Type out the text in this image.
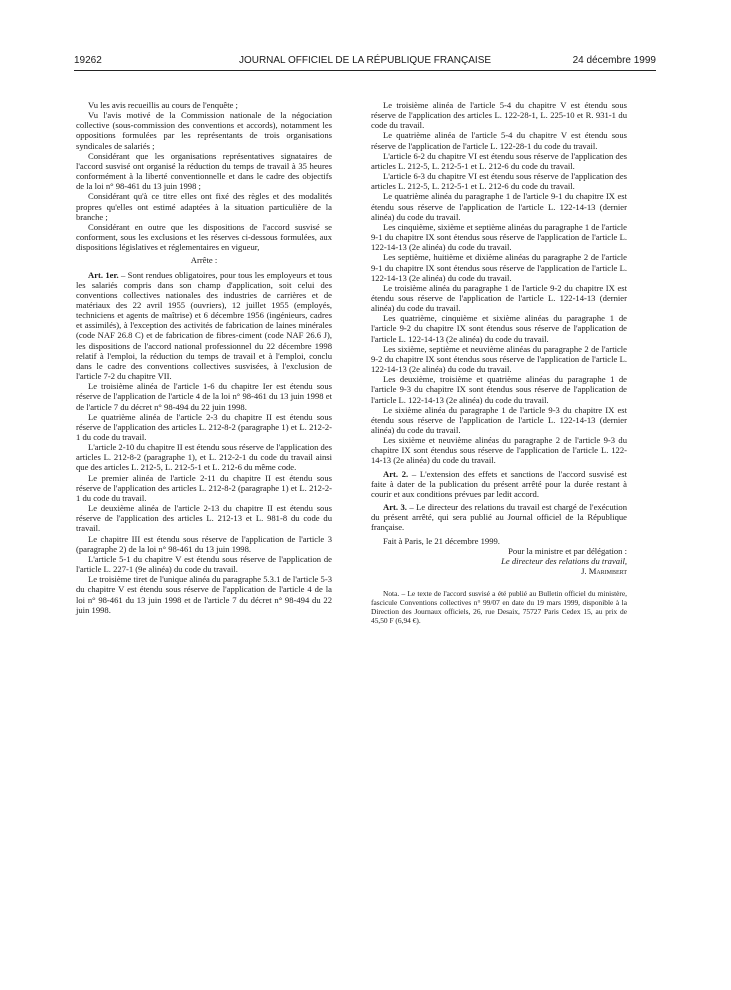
19262	JOURNAL OFFICIEL DE LA RÉPUBLIQUE FRANÇAISE	24 décembre 1999

Vu les avis recueillis au cours de l'enquête ;

Vu l'avis motivé de la Commission nationale de la négociation collective (sous-commission des conventions et accords), notamment les oppositions formulées par les représentants de trois organisations syndicales de salariés ;

Considérant que les organisations représentatives signataires de l'accord susvisé ont organisé la réduction du temps de travail à 35 heures conformément à la liberté conventionnelle et dans le cadre des objectifs de la loi n° 98-461 du 13 juin 1998 ;

Considérant qu'à ce titre elles ont fixé des règles et des modalités propres qu'elles ont estimé adaptées à la situation particulière de la branche ;

Considérant en outre que les dispositions de l'accord susvisé se conforment, sous les exclusions et les réserves ci-dessous formulées, aux dispositions législatives et réglementaires en vigueur,

Arrête :

Art. 1er. – Sont rendues obligatoires, pour tous les employeurs et tous les salariés compris dans son champ d'application, soit celui des conventions collectives nationales des industries de carrières et de matériaux des 22 avril 1955 (ouvriers), 12 juillet 1955 (employés, techniciens et agents de maîtrise) et 6 décembre 1956 (ingénieurs, cadres et assimilés), à l'exception des activités de fabrication de laines minérales (code NAF 26.8 C) et de fabrication de fibres-ciment (code NAF 26.6 J), les dispositions de l'accord national professionnel du 22 décembre 1998 relatif à l'emploi, la réduction du temps de travail et à l'emploi, conclu dans le cadre des conventions collectives susvisées, à l'exclusion de l'article 7-2 du chapitre VII.

Le troisième alinéa de l'article 1-6 du chapitre Ier est étendu sous réserve de l'application de l'article 4 de la loi n° 98-461 du 13 juin 1998 et de l'article 7 du décret n° 98-494 du 22 juin 1998.

Le quatrième alinéa de l'article 2-3 du chapitre II est étendu sous réserve de l'application des articles L. 212-8-2 (paragraphe 1) et L. 212-2-1 du code du travail.

L'article 2-10 du chapitre II est étendu sous réserve de l'application des articles L. 212-8-2 (paragraphe 1), et L. 212-2-1 du code du travail ainsi que des articles L. 212-5, L. 212-5-1 et L. 212-6 du même code.

Le premier alinéa de l'article 2-11 du chapitre II est étendu sous réserve de l'application des articles L. 212-8-2 (paragraphe 1) et L. 212-2-1 du code du travail.

Le deuxième alinéa de l'article 2-13 du chapitre II est étendu sous réserve de l'application des articles L. 212-13 et L. 981-8 du code du travail.

Le chapitre III est étendu sous réserve de l'application de l'article 3 (paragraphe 2) de la loi n° 98-461 du 13 juin 1998.

L'article 5-1 du chapitre V est étendu sous réserve de l'application de l'article L. 227-1 (9e alinéa) du code du travail.

Le troisième tiret de l'unique alinéa du paragraphe 5.3.1 de l'article 5-3 du chapitre V est étendu sous réserve de l'application de l'article 4 de la loi n° 98-461 du 13 juin 1998 et de l'article 7 du décret n° 98-494 du 22 juin 1998.

Le troisième alinéa de l'article 5-4 du chapitre V est étendu sous réserve de l'application des articles L. 122-28-1, L. 225-10 et R. 931-1 du code du travail.

Le quatrième alinéa de l'article 5-4 du chapitre V est étendu sous réserve de l'application de l'article L. 122-28-1 du code du travail.

L'article 6-2 du chapitre VI est étendu sous réserve de l'application des articles L. 212-5, L. 212-5-1 et L. 212-6 du code du travail.

L'article 6-3 du chapitre VI est étendu sous réserve de l'application des articles L. 212-5, L. 212-5-1 et L. 212-6 du code du travail.

Le quatrième alinéa du paragraphe 1 de l'article 9-1 du chapitre IX est étendu sous réserve de l'application de l'article L. 122-14-13 (dernier alinéa) du code du travail.

Les cinquième, sixième et septième alinéas du paragraphe 1 de l'article 9-1 du chapitre IX sont étendus sous réserve de l'application de l'article L. 122-14-13 (2e alinéa) du code du travail.

Les septième, huitième et dixième alinéas du paragraphe 2 de l'article 9-1 du chapitre IX sont étendus sous réserve de l'application de l'article L. 122-14-13 (2e alinéa) du code du travail.

Le troisième alinéa du paragraphe 1 de l'article 9-2 du chapitre IX est étendu sous réserve de l'application de l'article L. 122-14-13 (dernier alinéa) du code du travail.

Les quatrième, cinquième et sixième alinéas du paragraphe 1 de l'article 9-2 du chapitre IX sont étendus sous réserve de l'application de l'article L. 122-14-13 (2e alinéa) du code du travail.

Les sixième, septième et neuvième alinéas du paragraphe 2 de l'article 9-2 du chapitre IX sont étendus sous réserve de l'application de l'article L. 122-14-13 (2e alinéa) du code du travail.

Les deuxième, troisième et quatrième alinéas du paragraphe 1 de l'article 9-3 du chapitre IX sont étendus sous réserve de l'application de l'article L. 122-14-13 (2e alinéa) du code du travail.

Le sixième alinéa du paragraphe 1 de l'article 9-3 du chapitre IX est étendu sous réserve de l'application de l'article L. 122-14-13 (dernier alinéa) du code du travail.

Les sixième et neuvième alinéas du paragraphe 2 de l'article 9-3 du chapitre IX sont étendus sous réserve de l'application de l'article L. 122-14-13 (2e alinéa) du code du travail.

Art. 2. – L'extension des effets et sanctions de l'accord susvisé est faite à dater de la publication du présent arrêté pour la durée restant à courir et aux conditions prévues par ledit accord.

Art. 3. – Le directeur des relations du travail est chargé de l'exécution du présent arrêté, qui sera publié au Journal officiel de la République française.

Fait à Paris, le 21 décembre 1999.

Pour la ministre et par délégation :

Le directeur des relations du travail,

J. Marimbert

Nota. – Le texte de l'accord susvisé a été publié au Bulletin officiel du ministère, fascicule Conventions collectives n° 99/07 en date du 19 mars 1999, disponible à la Direction des Journaux officiels, 26, rue Desaix, 75727 Paris Cedex 15, au prix de 45,50 F (6,94 €).
